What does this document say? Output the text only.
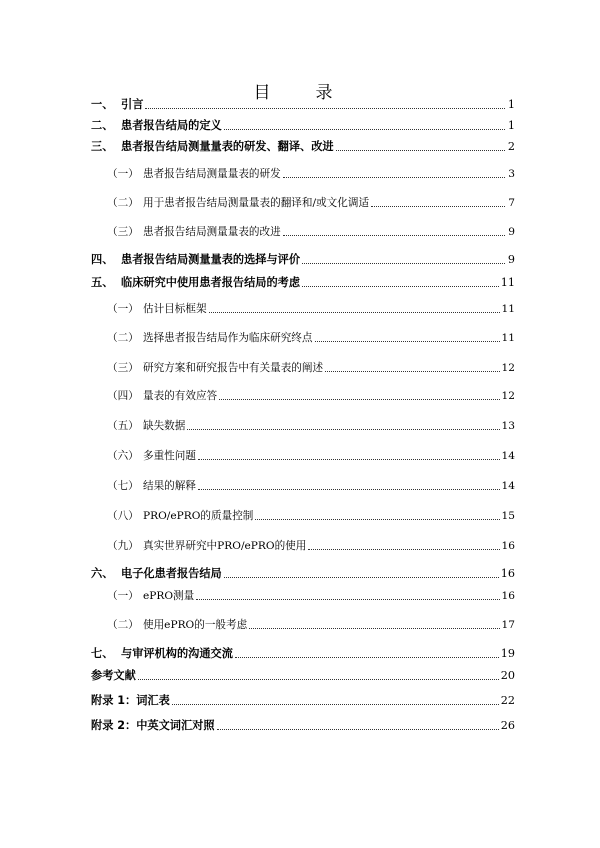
目　录
一、 引言	1
二、 患者报告结局的定义	1
三、 患者报告结局测量量表的研发、翻译、改进	2
（一） 患者报告结局测量量表的研发	3
（二） 用于患者报告结局测量量表的翻译和/或文化调适	7
（三） 患者报告结局测量量表的改进	9
四、 患者报告结局测量量表的选择与评价	9
五、 临床研究中使用患者报告结局的考虑	11
（一） 估计目标框架	11
（二） 选择患者报告结局作为临床研究终点	11
（三） 研究方案和研究报告中有关量表的阐述	12
（四） 量表的有效应答	12
（五） 缺失数据	13
（六） 多重性问题	14
（七） 结果的解释	14
（八） PRO/ePRO的质量控制	15
（九） 真实世界研究中PRO/ePRO的使用	16
六、 电子化患者报告结局	16
（一） ePRO测量	16
（二） 使用ePRO的一般考虑	17
七、 与审评机构的沟通交流	19
参考文献	20
附录 1：词汇表	22
附录 2：中英文词汇对照	26
